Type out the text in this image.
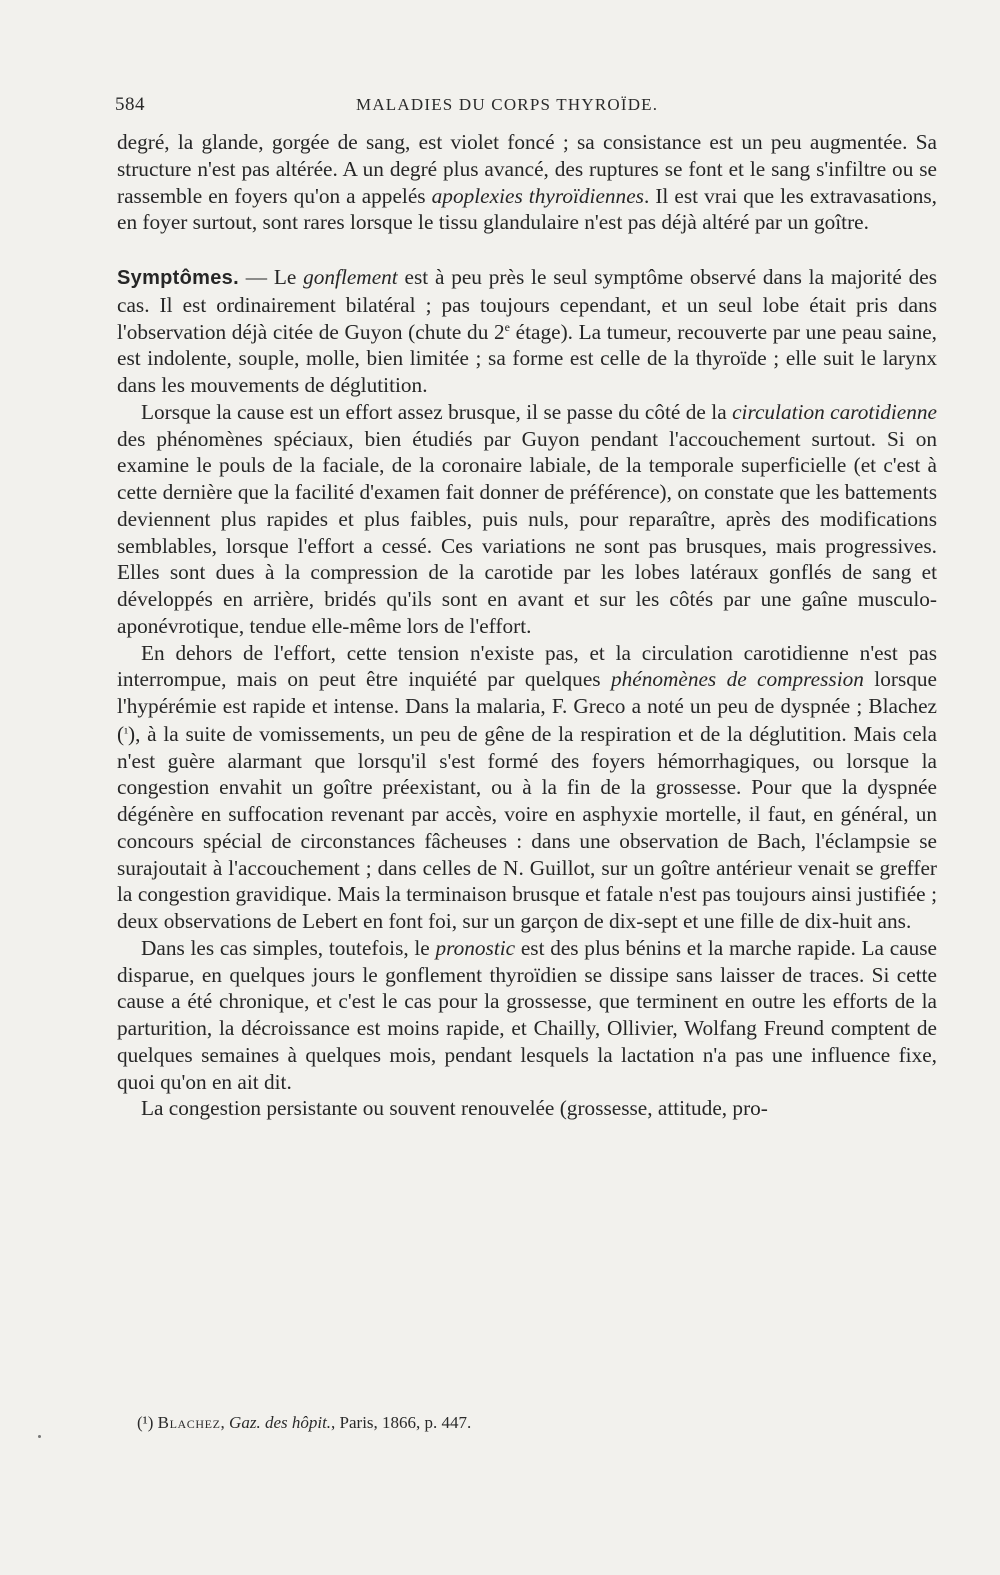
584	MALADIES DU CORPS THYROÏDE.

degré, la glande, gorgée de sang, est violet foncé ; sa consistance est un peu augmentée. Sa structure n'est pas altérée. A un degré plus avancé, des ruptures se font et le sang s'infiltre ou se rassemble en foyers qu'on a appelés apoplexies thyroïdiennes. Il est vrai que les extravasations, en foyer surtout, sont rares lorsque le tissu glandulaire n'est pas déjà altéré par un goître.

Symptômes. — Le gonflement est à peu près le seul symptôme observé dans la majorité des cas. Il est ordinairement bilatéral ; pas toujours cependant, et un seul lobe était pris dans l'observation déjà citée de Guyon (chute du 2e étage). La tumeur, recouverte par une peau saine, est indolente, souple, molle, bien limitée ; sa forme est celle de la thyroïde ; elle suit le larynx dans les mouvements de déglutition.

Lorsque la cause est un effort assez brusque, il se passe du côté de la circulation carotidienne des phénomènes spéciaux, bien étudiés par Guyon pendant l'accouchement surtout. Si on examine le pouls de la faciale, de la coronaire labiale, de la temporale superficielle (et c'est à cette dernière que la facilité d'examen fait donner de préférence), on constate que les battements deviennent plus rapides et plus faibles, puis nuls, pour reparaître, après des modifications semblables, lorsque l'effort a cessé. Ces variations ne sont pas brusques, mais progressives. Elles sont dues à la compression de la carotide par les lobes latéraux gonflés de sang et développés en arrière, bridés qu'ils sont en avant et sur les côtés par une gaîne musculo-aponévrotique, tendue elle-même lors de l'effort.

En dehors de l'effort, cette tension n'existe pas, et la circulation carotidienne n'est pas interrompue, mais on peut être inquiété par quelques phénomènes de compression lorsque l'hypérémie est rapide et intense. Dans la malaria, F. Greco a noté un peu de dyspnée ; Blachez (¹), à la suite de vomissements, un peu de gêne de la respiration et de la déglutition. Mais cela n'est guère alarmant que lorsqu'il s'est formé des foyers hémorrhagiques, ou lorsque la congestion envahit un goître préexistant, ou à la fin de la grossesse. Pour que la dyspnée dégénère en suffocation revenant par accès, voire en asphyxie mortelle, il faut, en général, un concours spécial de circonstances fâcheuses : dans une observation de Bach, l'éclampsie se surajoutait à l'accouchement ; dans celles de N. Guillot, sur un goître antérieur venait se greffer la congestion gravidique. Mais la terminaison brusque et fatale n'est pas toujours ainsi justifiée ; deux observations de Lebert en font foi, sur un garçon de dix-sept et une fille de dix-huit ans.

Dans les cas simples, toutefois, le pronostic est des plus bénins et la marche rapide. La cause disparue, en quelques jours le gonflement thyroïdien se dissipe sans laisser de traces. Si cette cause a été chronique, et c'est le cas pour la grossesse, que terminent en outre les efforts de la parturition, la décroissance est moins rapide, et Chailly, Ollivier, Wolfang Freund comptent de quelques semaines à quelques mois, pendant lesquels la lactation n'a pas une influence fixe, quoi qu'on en ait dit.

La congestion persistante ou souvent renouvelée (grossesse, attitude, pro-

(¹) Blachez, Gaz. des hôpit., Paris, 1866, p. 447.
